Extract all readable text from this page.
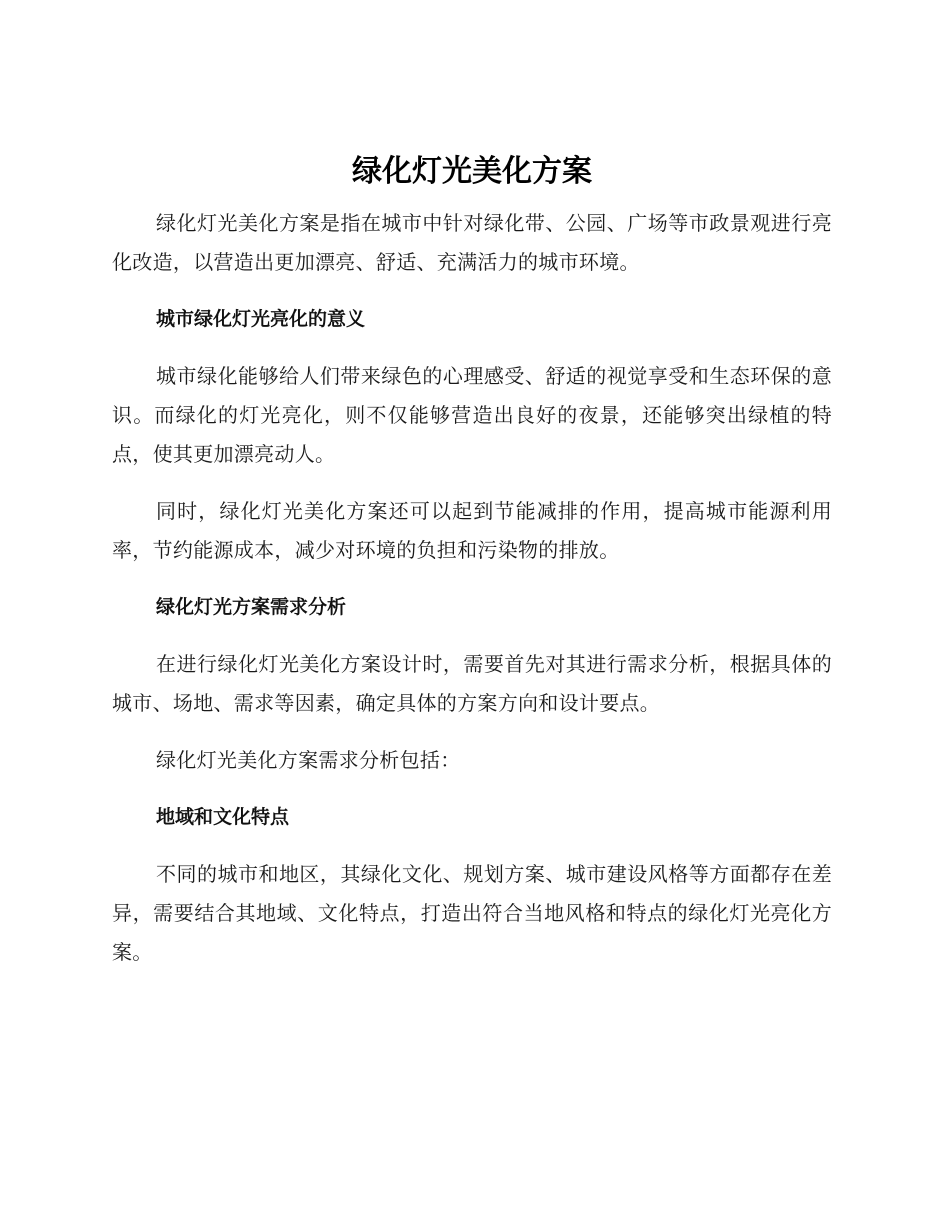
绿化灯光美化方案

绿化灯光美化方案是指在城市中针对绿化带、公园、广场等市政景观进行亮化改造，以营造出更加漂亮、舒适、充满活力的城市环境。

城市绿化灯光亮化的意义

城市绿化能够给人们带来绿色的心理感受、舒适的视觉享受和生态环保的意识。而绿化的灯光亮化，则不仅能够营造出良好的夜景，还能够突出绿植的特点，使其更加漂亮动人。

同时，绿化灯光美化方案还可以起到节能减排的作用，提高城市能源利用率，节约能源成本，减少对环境的负担和污染物的排放。

绿化灯光方案需求分析

在进行绿化灯光美化方案设计时，需要首先对其进行需求分析，根据具体的城市、场地、需求等因素，确定具体的方案方向和设计要点。

绿化灯光美化方案需求分析包括：

地域和文化特点

不同的城市和地区，其绿化文化、规划方案、城市建设风格等方面都存在差异，需要结合其地域、文化特点，打造出符合当地风格和特点的绿化灯光亮化方案。
